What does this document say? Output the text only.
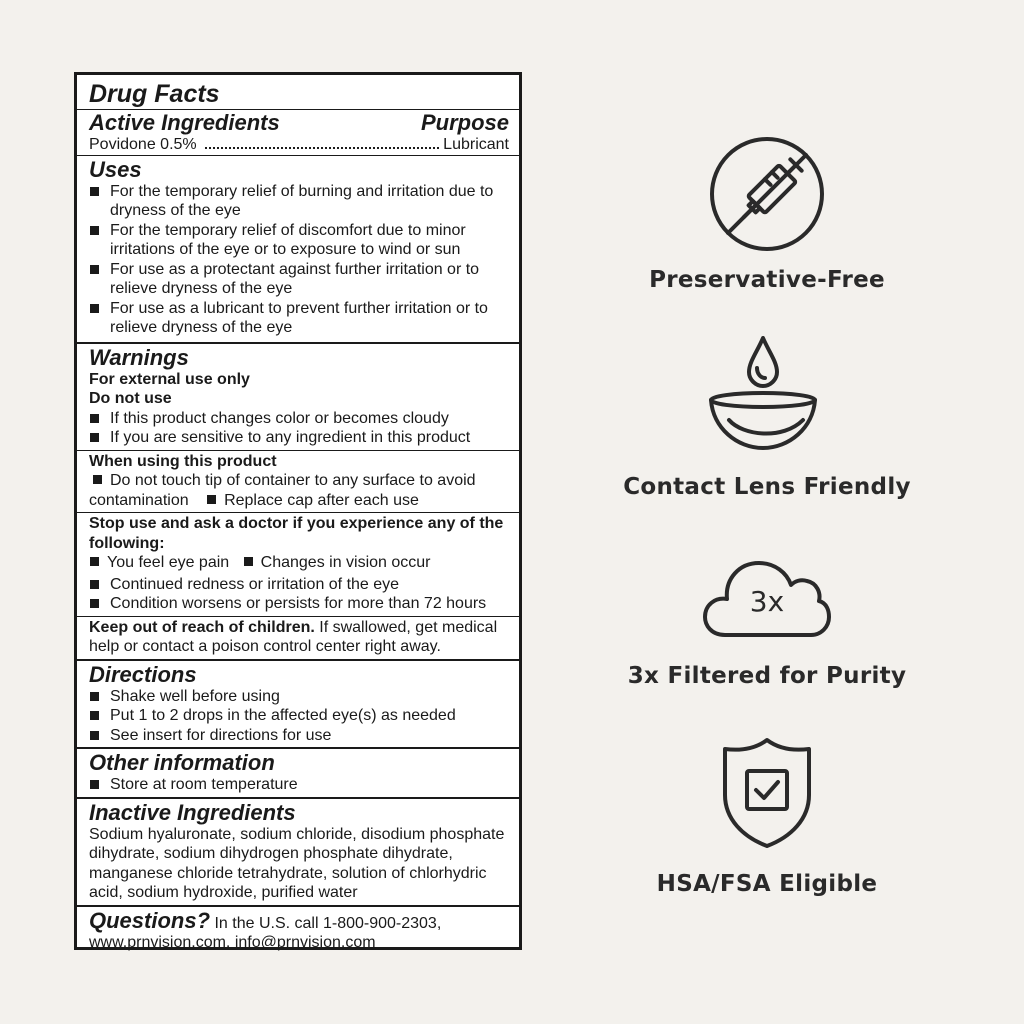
Drug Facts
Active Ingredients	Purpose
Povidone 0.5%	Lubricant
Uses
For the temporary relief of burning and irritation due to dryness of the eye
For the temporary relief of discomfort due to minor irritations of the eye or to exposure to wind or sun
For use as a protectant against further irritation or to relieve dryness of the eye
For use as a lubricant to prevent further irritation or to relieve dryness of the eye
Warnings
For external use only
Do not use
If this product changes color or becomes cloudy
If you are sensitive to any ingredient in this product
When using this product
Do not touch tip of container to any surface to avoid contamination Replace cap after each use
Stop use and ask a doctor if you experience any of the following:
You feel eye pain Changes in vision occur
Continued redness or irritation of the eye
Condition worsens or persists for more than 72 hours
Keep out of reach of children. If swallowed, get medical help or contact a poison control center right away.
Directions
Shake well before using
Put 1 to 2 drops in the affected eye(s) as needed
See insert for directions for use
Other information
Store at room temperature
Inactive Ingredients
Sodium hyaluronate, sodium chloride, disodium phosphate dihydrate, sodium dihydrogen phosphate dihydrate, manganese chloride tetrahydrate, solution of chlorhydric acid, sodium hydroxide, purified water
Questions? In the U.S. call 1-800-900-2303, www.prnvision.com, info@prnvision.com
Preservative-Free
Contact Lens Friendly
3x
3x Filtered for Purity
HSA/FSA Eligible
